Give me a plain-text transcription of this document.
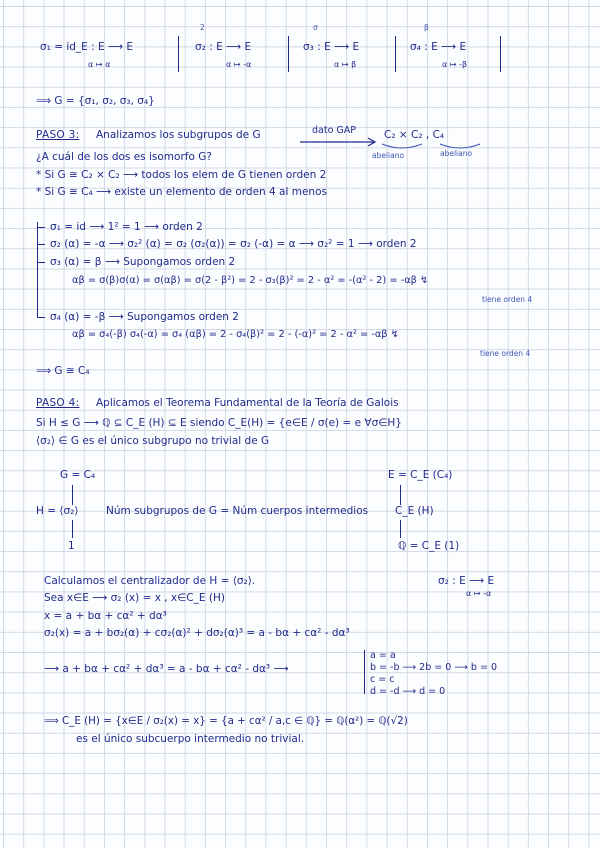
σ₁ = id_E : E ⟶ E
α ↦ α
2
σ₂ : E ⟶ E
α ↦ -α
σ
σ₃ : E ⟶ E
α ↦ β
β
σ₄ : E ⟶ E
α ↦ -β
⟹ G = {σ₁, σ₂, σ₃, σ₄}
PASO 3: Analizamos los subgrupos de G	dato GAP	C₂ × C₂ , C₄
abeliano	abeliano
¿A cuál de los dos es isomorfo G?
* Si G ≅ C₂ × C₂ ⟶ todos los elem de G tienen orden 2
* Si G ≅ C₄ ⟶ existe un elemento de orden 4 al menos
σ₁ = id ⟶ 1² = 1 ⟶ orden 2
σ₂ (α) = -α ⟶ σ₂² (α) = σ₂ (σ₂(α)) = σ₂ (-α) = α ⟶ σ₂² = 1 ⟶ orden 2
σ₃ (α) = β ⟶ Supongamos orden 2
αβ = σ(β)σ(α) = σ(αβ) = σ(2 - β²) = 2 - σ₃(β)² = 2 - α² = -(α² - 2) = -αβ ↯
tiene orden 4
σ₄ (α) = -β ⟶ Supongamos orden 2
αβ = σ₄(-β) σ₄(-α) = σ₄ (αβ) = 2 - σ₄(β)² = 2 - (-α)² = 2 - α² = -αβ ↯
tiene orden 4
⟹ G ≅ C₄
PASO 4: Aplicamos el Teorema Fundamental de la Teoría de Galois
Si H ≤ G ⟶ ℚ ⊆ C_E (H) ⊆ E siendo C_E(H) = {e∈E / σ(e) = e ∀σ∈H}
⟨σ₂⟩ ∈ G es el único subgrupo no trivial de G
G = C₄	E = C_E (C₄)
H = ⟨σ₂⟩	Núm subgrupos de G = Núm cuerpos intermedios	C_E (H)
1	ℚ = C_E (1)
Calculamos el centralizador de H = ⟨σ₂⟩.	σ₂ : E ⟶ E
α ↦ -α
Sea x∈E ⟶ σ₂ (x) = x , x∈C_E (H)
x = a + bα + cα² + dα³
σ₂(x) = a + bσ₂(α) + cσ₂(α)² + dσ₂(α)³ = a - bα + cα² - dα³
⟶ a + bα + cα² + dα³ = a - bα + cα² - dα³ ⟶
a = a
b = -b ⟶ 2b = 0 ⟶ b = 0
c = c
d = -d ⟶ d = 0
⟹ C_E (H) = {x∈E / σ₂(x) = x} = {a + cα² / a,c ∈ ℚ} = ℚ(α²) = ℚ(√2)
es el único subcuerpo intermedio no trivial.
